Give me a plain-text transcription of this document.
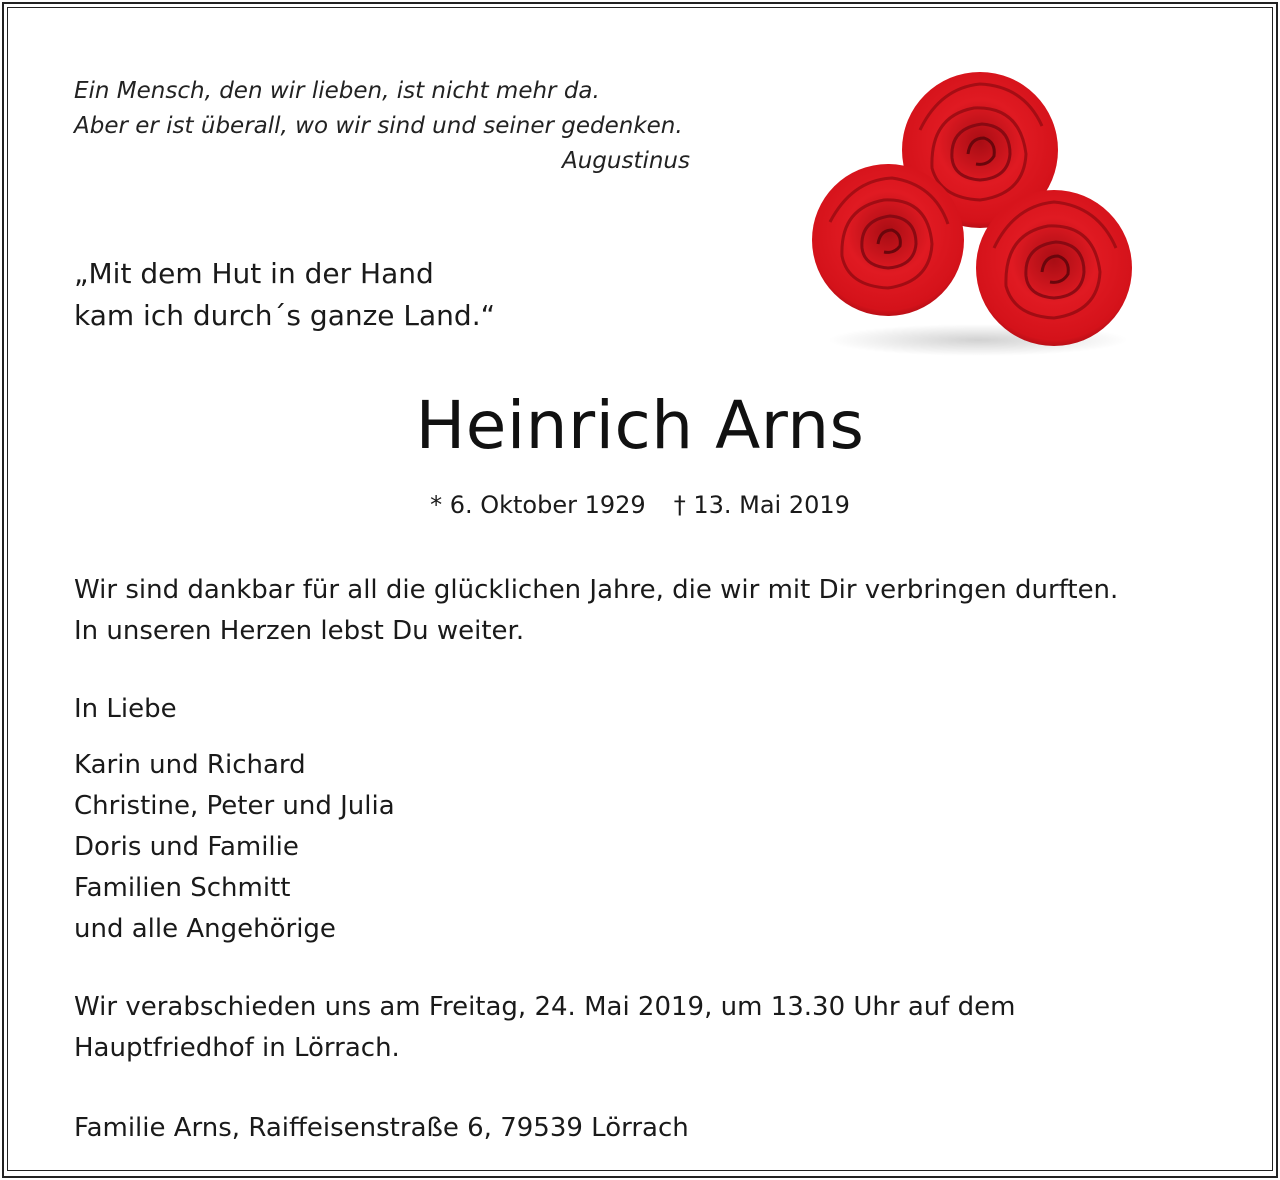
Ein Mensch, den wir lieben, ist nicht mehr da.
Aber er ist überall, wo wir sind und seiner gedenken.
Augustinus
„Mit dem Hut in der Hand
kam ich durch´s ganze Land.“
Heinrich Arns
* 6. Oktober 1929 † 13. Mai 2019
Wir sind dankbar für all die glücklichen Jahre, die wir mit Dir verbringen durften.
In unseren Herzen lebst Du weiter.
In Liebe
Karin und Richard
Christine, Peter und Julia
Doris und Familie
Familien Schmitt
und alle Angehörige
Wir verabschieden uns am Freitag, 24. Mai 2019, um 13.30 Uhr auf dem
Hauptfriedhof in Lörrach.
Familie Arns, Raiffeisenstraße 6, 79539 Lörrach
